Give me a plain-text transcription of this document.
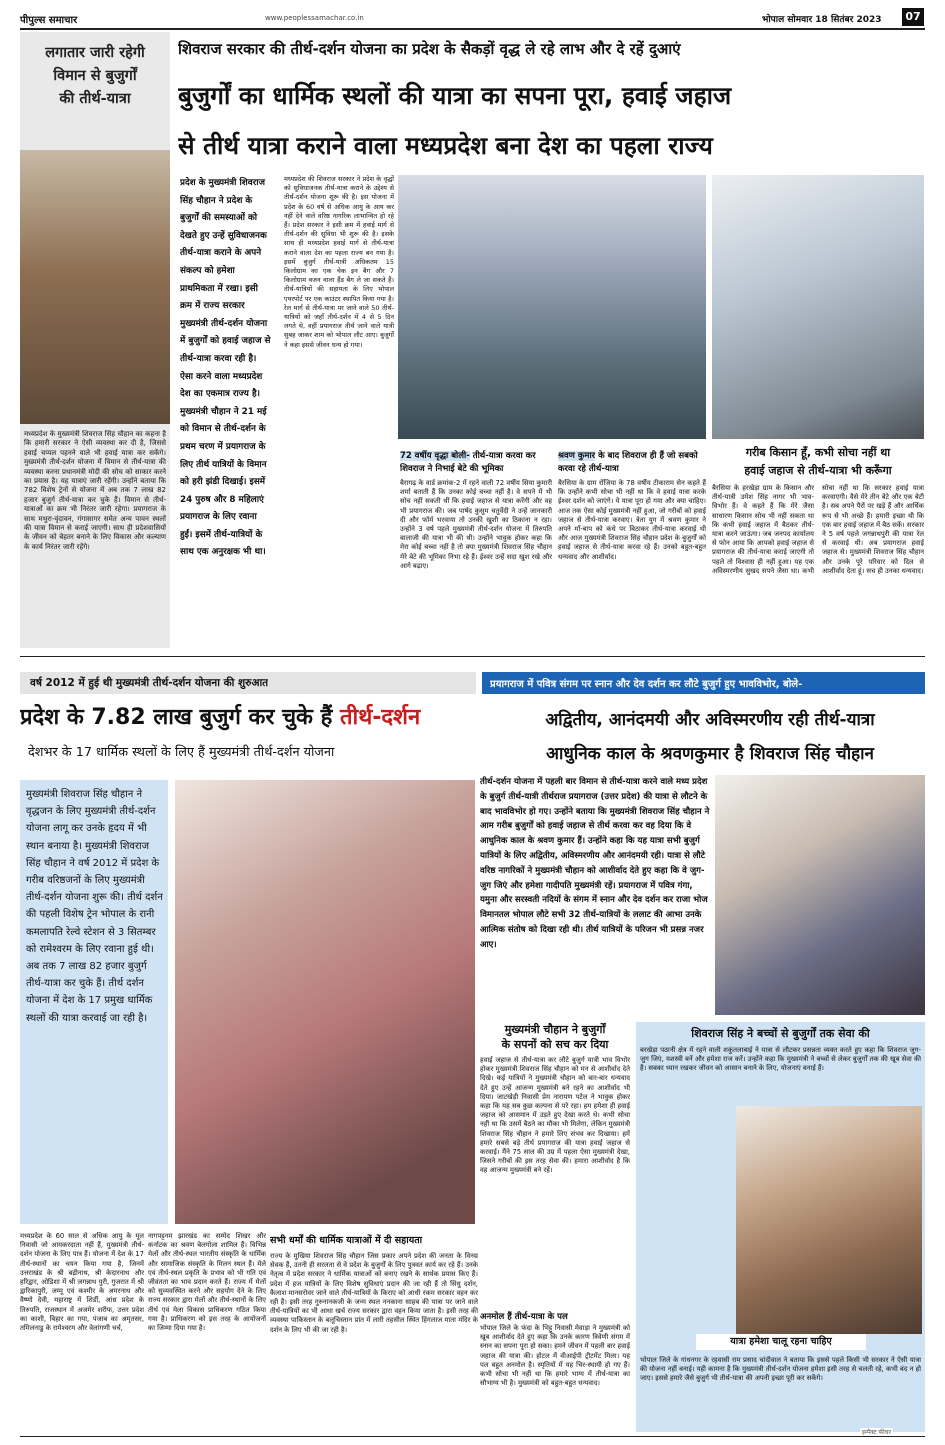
पीपुल्स समाचार	www.peoplessamachar.co.in	भोपाल सोमवार 18 सितंबर 2023	07
लगातार जारी रहेगी
विमान से बुजुर्गों
की तीर्थ-यात्रा
मध्यप्रदेश के मुख्यमंत्री शिवराज सिंह चौहान का कहना है कि हमारी सरकार ने ऐसी व्यवस्था कर दी है, जिससे हवाई चप्पल पहनने वाले भी हवाई यात्रा कर सकेंगे। मुख्यमंत्री तीर्थ-दर्शन योजना में विमान से तीर्थ-यात्रा की व्यवस्था करना प्रधानमंत्री मोदी की सोच को साकार करने का प्रयास है। यह यात्राएं जारी रहेंगी। उन्होंने बताया कि 782 विशेष ट्रेनों से योजना में अब तक 7 लाख 82 हजार बुजुर्ग तीर्थ-यात्रा कर चुके हैं। विमान से तीर्थ-यात्राओं का क्रम भी निरंतर जारी रहेगा। प्रयागराज के साथ मथुरा-वृंदावन, गंगासागर समेत अन्य पावन स्थलों की यात्रा विमान से कराई जाएगी। साथ ही प्रदेशवासियों के जीवन को बेहतर बनाने के लिए विकास और कल्याण के कार्य निरंतर जारी रहेंगे।
शिवराज सरकार की तीर्थ-दर्शन योजना का प्रदेश के सैकड़ों वृद्ध ले रहे लाभ और दे रहें दुआएं
बुजुर्गों का धार्मिक स्थलों की यात्रा का सपना पूरा, हवाई जहाज
से तीर्थ यात्रा कराने वाला मध्यप्रदेश बना देश का पहला राज्य
प्रदेश के मुख्यमंत्री शिवराज सिंह चौहान ने प्रदेश के बुजुर्गों की समस्याओं को देखते हुए उन्हें सुविधाजनक तीर्थ-यात्रा कराने के अपने संकल्प को हमेशा प्राथमिकता में रखा। इसी क्रम में राज्य सरकार मुख्यमंत्री तीर्थ-दर्शन योजना में बुजुर्गों को हवाई जहाज से तीर्थ-यात्रा करवा रही है। ऐसा करने वाला मध्यप्रदेश देश का एकमात्र राज्य है। मुख्यमंत्री चौहान ने 21 मई को विमान से तीर्थ-दर्शन के प्रथम चरण में प्रयागराज के लिए तीर्थ यात्रियों के विमान को हरी झंडी दिखाई। इसमें 24 पुरुष और 8 महिलाएं प्रयागराज के लिए रवाना हुईं। इसमें तीर्थ-यात्रियों के साथ एक अनुरक्षक भी था।
मध्यप्रदेश की शिवराज सरकार ने प्रदेश के वृद्धों को सुविधाजनक तीर्थ-यात्रा कराने के उद्देश्य से तीर्थ-दर्शन योजना शुरू की है। इस योजना में प्रदेश के 60 वर्ष से अधिक आयु के आय कर नहीं देने वाले वरिष्ठ नागरिक लाभान्वित हो रहे हैं। प्रदेश सरकार ने इसी क्रम में हवाई मार्ग से तीर्थ-दर्शन की सुविधा भी शुरू की है। इसके साथ ही मध्यप्रदेश हवाई मार्ग से तीर्थ-यात्रा कराने वाला देश का पहला राज्य बन गया है। इसमें बुजुर्ग तीर्थ-यात्री अधिकतम 15 किलोग्राम का एक चेक इन बैग और 7 किलोग्राम वजन वाला हैंड बैग ले जा सकते हैं। तीर्थ-यात्रियों की सहायता के लिए भोपाल एयरपोर्ट पर एक काउंटर स्थापित किया गया है। रेल मार्ग से तीर्थ-यात्रा पर जाने वाले 50 तीर्थ-यात्रियों को जहाँ तीर्थ-दर्शन में 4 से 5 दिन लगते थे, वहीं प्रयागराज तीर्थ जाने वाले यात्री सुबह जाकर शाम को भोपाल लौट आए। बुजुर्गों ने कहा इससे जीवन धन्य हो गया।
72 वर्षीय वृद्धा बोली- तीर्थ-यात्रा करवा कर शिवराज ने निभाई बेटे की भूमिका
बैरागढ़ के वार्ड क्रमांक-2 में रहने वाली 72 वर्षीय सिया कुमारी शर्मा बताती हैं कि उनका कोई बच्चा नहीं है। वे सपने में भी सोच नहीं सकती थीं कि हवाई जहाज से यात्रा करेंगी और वह भी प्रयागराज की। जब पार्षद कुसुम चतुर्वेदी ने उन्हें जानकारी दी और फॉर्म भरवाया तो उनकी खुशी का ठिकाना न रहा। उन्होंने 3 वर्ष पहले मुख्यमंत्री तीर्थ-दर्शन योजना में तिरुपति बालाजी की यात्रा भी की थी। उन्होंने भावुक होकर कहा कि मेरा कोई बच्चा नहीं है तो क्या मुख्यमंत्री शिवराज सिंह चौहान मेरे बेटे की भूमिका निभा रहे हैं। ईश्वर उन्हें सदा खुश रखे और आगे बढ़ाए।
श्रवण कुमार के बाद शिवराज ही हैं जो सबको करवा रहे तीर्थ-यात्रा
बैरसिया के ग्राम रोंजिया के 78 वर्षीय टीकाराम सेन कहते हैं कि उन्होंने कभी सोचा भी नहीं था कि वे हवाई यात्रा करके ईश्वर दर्शन को जाएंगे। ये यात्रा पूरा हो गया और क्या चाहिए। आज तक ऐसा कोई मुख्यमंत्री नहीं हुआ, जो गरीबों को हवाई जहाज से तीर्थ-यात्रा करवाए। त्रेता युग में श्रवण कुमार ने अपने माँ-बाप को कंधे पर बिठाकर तीर्थ-यात्रा करवाई थी और आज मुख्यमंत्री शिवराज सिंह चौहान प्रदेश के बुजुर्गों को हवाई जहाज से तीर्थ-यात्रा करवा रहे हैं। उनको बहुत-बहुत धन्यवाद और आशीर्वाद।
गरीब किसान हूँ, कभी सोचा नहीं था
हवाई जहाज से तीर्थ-यात्रा भी करूँगा
बैरसिया के हरखेड़ा ग्राम के किसान और तीर्थ-यात्री उमेश सिंह नागर भी भाव-विभोर हैं। वे कहते हैं कि मेरे जैसा साधारण किसान सोच भी नहीं सकता था कि कभी हवाई जहाज में बैठकर तीर्थ-यात्रा करने जाऊंगा। जब जनपद कार्यालय से फोन आया कि आपको हवाई जहाज से प्रयागराज की तीर्थ-यात्रा कराई जाएगी तो पहले तो विश्वास ही नहीं हुआ। यह एक अविस्मरणीय सुखद सपने जैसा था। कभी सोचा नहीं था कि सरकार हवाई यात्रा करवाएगी। वैसे मेरे तीन बेटे और एक बेटी है। सब अपने पैरों पर खड़े हैं और आर्थिक रूप से भी अच्छे हैं। हमारी इच्छा थी कि एक बार हवाई जहाज में बैठ सकें। सरकार ने 5 वर्ष पहले जगन्नाथपुरी की यात्रा रेल से करवाई थी। अब प्रयागराज हवाई जहाज से। मुख्यमंत्री शिवराज सिंह चौहान और उनके पूरे परिवार को दिल से आशीर्वाद देता हूं। सच ही उनका धन्यवाद।
वर्ष 2012 में हुई थी मुख्यमंत्री तीर्थ-दर्शन योजना की शुरुआत
प्रदेश के 7.82 लाख बुजुर्ग कर चुके हैं तीर्थ-दर्शन
देशभर के 17 धार्मिक स्थलों के लिए हैं मुख्यमंत्री तीर्थ-दर्शन योजना
मुख्यमंत्री शिवराज सिंह चौहान ने वृद्धजन के लिए मुख्यमंत्री तीर्थ-दर्शन योजना लागू कर उनके हृदय में भी स्थान बनाया है। मुख्यमंत्री शिवराज सिंह चौहान ने वर्ष 2012 में प्रदेश के गरीब वरिष्ठजनों के लिए मुख्यमंत्री तीर्थ-दर्शन योजना शुरू की। तीर्थ दर्शन की पहली विशेष ट्रेन भोपाल के रानी कमलापति रेल्वे स्टेशन से 3 सितम्बर को रामेश्वरम के लिए रवाना हुई थी। अब तक 7 लाख 82 हजार बुजुर्ग तीर्थ-यात्रा कर चुके हैं। तीर्थ दर्शन योजना में देश के 17 प्रमुख धार्मिक स्थलों की यात्रा करवाई जा रही है।
मध्यप्रदेश के 60 साल से अधिक आयु के मूल निवासी जो आयकरदाता नहीं हैं, मुख्यमंत्री तीर्थ-दर्शन योजना के लिए पात्र हैं। योजना में देश के 17 तीर्थ-स्थानों का चयन किया गया है, जिनमें उत्तराखंड के श्री बद्रीनाथ, श्री केदारनाथ और हरिद्वार, ओडिशा में श्री जगन्नाथ पुरी, गुजरात में श्री द्वारिकापुरी, जम्मू एवं कश्मीर के अमरनाथ और वैष्णो देवी, महाराष्ट्र में शिर्डी, आंध्र प्रदेश के तिरुपति, राजस्थान में अजमेर शरीफ, उत्तर प्रदेश का काशी, बिहार का गया, पंजाब का अमृतसर, तमिलनाडु के रामेश्वरम और वेलांगणी चर्च,
नागपट्टनम झारखंड का सम्मेद शिखर और कर्नाटक का श्रवण बेलगोला शामिल हैं। विभिन्न मेलों और तीर्थ-स्थल भारतीय संस्कृति के धार्मिक और सामाजिक संस्कृति के मिलन स्थल हैं। मेले एवं तीर्थ-स्थल प्रकृति के प्रभाव को भी गति एवं जीवंतता का भाव प्रदान करते हैं। राज्य में मेलों को सुव्यवस्थित करने और सहयोग देने के लिए राज्य सरकार द्वारा मेलों और तीर्थ-स्थानों के लिए तीर्थ एवं मेला विकास प्राधिकरण गठित किया गया है। प्राधिकरण को इस तरह के आयोजनों का जिम्मा दिया गया है।
सभी धर्मों की धार्मिक यात्राओं में दी सहायता
राज्य के मुखिया शिवराज सिंह चौहान जिस प्रकार अपने प्रदेश की जनता के विनम्र सेवक हैं, उतनी ही सरलता से वे प्रदेश के बुजुर्गों के लिए पुत्रवत कार्य कर रहे हैं। उनके नेतृत्व में प्रदेश सरकार ने धार्मिक यात्राओं को बनाए रखने के सार्थक प्रयास किए हैं। प्रदेश में हज यात्रियों के लिए विशेष सुविधाएं प्रदान की जा रही हैं तो सिंधु दर्शन, कैलाश मानसरोवर जाने वाले तीर्थ-यात्रियों के किराए को आधी रकम सरकार वहन कर रही है। इसी तरह गुरुनानकजी के जन्म स्थल ननकाना साहब की यात्रा पर जाने वाले तीर्थ-यात्रियों का भी आधा खर्च राज्य सरकार द्वारा वहन किया जाता है। इसी तरह की व्यवस्था पाकिस्तान के बलूचिस्तान प्रांत में लारी तहसील स्थित हिंगलाज माता मंदिर के दर्शन के लिए भी की जा रही है।
प्रयागराज में पवित्र संगम पर स्नान और देव दर्शन कर लौटे बुजुर्ग हुए भावविभोर, बोले-
अद्वितीय, आनंदमयी और अविस्मरणीय रही तीर्थ-यात्रा
आधुनिक काल के श्रवणकुमार है शिवराज सिंह चौहान
तीर्थ-दर्शन योजना में पहली बार विमान से तीर्थ-यात्रा करने वाले मध्य प्रदेश के बुजुर्ग तीर्थ-यात्री तीर्थराज प्रयागराज (उत्तर प्रदेश) की यात्रा से लौटने के बाद भावविभोर हो गए। उन्होंने बताया कि मुख्यमंत्री शिवराज सिंह चौहान ने आम गरीब बुजुर्गों को हवाई जहाज से तीर्थ करवा कर वह दिया कि वे आधुनिक काल के श्रवण कुमार हैं। उन्होंने कहा कि यह यात्रा सभी बुजुर्ग यात्रियों के लिए अद्वितीय, अविस्मरणीय और आनंदमयी रही। यात्रा से लौटे वरिष्ठ नागरिकों ने मुख्यमंत्री चौहान को आशीर्वाद देते हुए कहा कि वे जुग-जुग जिएं और हमेशा गादीपति मुख्यमंत्री रहें। प्रयागराज में पवित्र गंगा, यमुना और सरस्वती नदियों के संगम में स्नान और देव दर्शन कर राजा भोज विमानतल भोपाल लौटे सभी 32 तीर्थ-यात्रियों के ललाट की आभा उनके आत्मिक संतोष को दिखा रही थी। तीर्थ यात्रियों के परिजन भी प्रसन्न नजर आए।
मुख्यमंत्री चौहान ने बुजुर्गों
के सपनों को सच कर दिया
हवाई जहाज से तीर्थ-यात्रा कर लौटे बुजुर्ग यात्री भाव विभोर होकर मुख्यमंत्री शिवराज सिंह चौहान को मन से आशीर्वाद देते दिखे। कई यात्रियों ने मुख्यमंत्री चौहान को बार-बार धन्यवाद देते हुए उन्हें आजन्म मुख्यमंत्री बने रहने का आशीर्वाद भी दिया। जाटखेड़ी निवासी प्रेम नारायण पटेल ने भावुक होकर कहा कि यह सब कुछ कल्पना से परे रहा। हम हमेशा ही हवाई जहाज को आसमान में उड़ते हुए देखा करते थे। कभी सोचा नहीं था कि उसमें बैठने का मौका भी मिलेगा, लेकिन मुख्यमंत्री शिवराज सिंह चौहान ने हमारे लिए संभव कर दिखाया। हमें हमारे सबसे बड़े तीर्थ प्रयागराज की यात्रा हवाई जहाज से करवाई। मैंने 75 साल की उम्र में पहला ऐसा मुख्यमंत्री देखा, जिसने गरीबों की इस तरह सेवा की। हमारा आशीर्वाद है कि वह आजन्म मुख्यमंत्री बने रहें।
अनमोल हैं तीर्थ-यात्रा के पल
भोपाल जिले के फंदा के भिट्टू निवासी मेवाड़ा ने मुख्यमंत्री को खूब आशीर्वाद देते हुए कहा कि उनके कारण त्रिवेणी संगम में स्नान का सपना पूरा हो सका। हमने जीवन में पहली बार हवाई जहाज की यात्रा की। होटल में वीआईपी ट्रीटमेंट मिला। यह पल बहुत अनमोल है। स्मृतियों में यह चिर-स्थायी हो गए हैं। कभी सोचा भी नहीं था कि हमारे भाग्य में तीर्थ-यात्रा का सौभाग्य भी है। मुख्यमंत्री को बहुत-बहुत धन्यवाद।
शिवराज सिंह ने बच्चों से बुजुर्गों तक सेवा की
बरखेड़ा पठानी क्षेत्र में रहने वाली शकुंतलाबाई ने यात्रा से लौटकर प्रसन्नता व्यक्त करते हुए कहा कि शिवराज जुग-जुग जिएं, यशस्वी बनें और हमेशा राज करें। उन्होंने कहा कि मुख्यमंत्री ने बच्चों से लेकर बुजुर्गों तक की खूब सेवा की है। सबका ध्यान रखकर जीवन को आसान बनाने के लिए, योजनाएं बनाई हैं।
यात्रा हमेशा चालू रहना चाहिए
भोपाल जिले के गांधनगर के रहवासी राम प्रसाद चांदीवाल ने बताया कि इससे पहले किसी भी सरकार ने ऐसी यात्रा की योजना नहीं बनाई। यही कामना है कि मुख्यमंत्री तीर्थ-दर्शन योजना हमेशा इसी तरह से चलती रहे, कभी बंद न हो जाए। इससे हमारे जैसे बुजुर्ग भी तीर्थ-यात्रा की अपनी इच्छा पूरी कर सकेंगे।
इम्पैक्ट फीचर
